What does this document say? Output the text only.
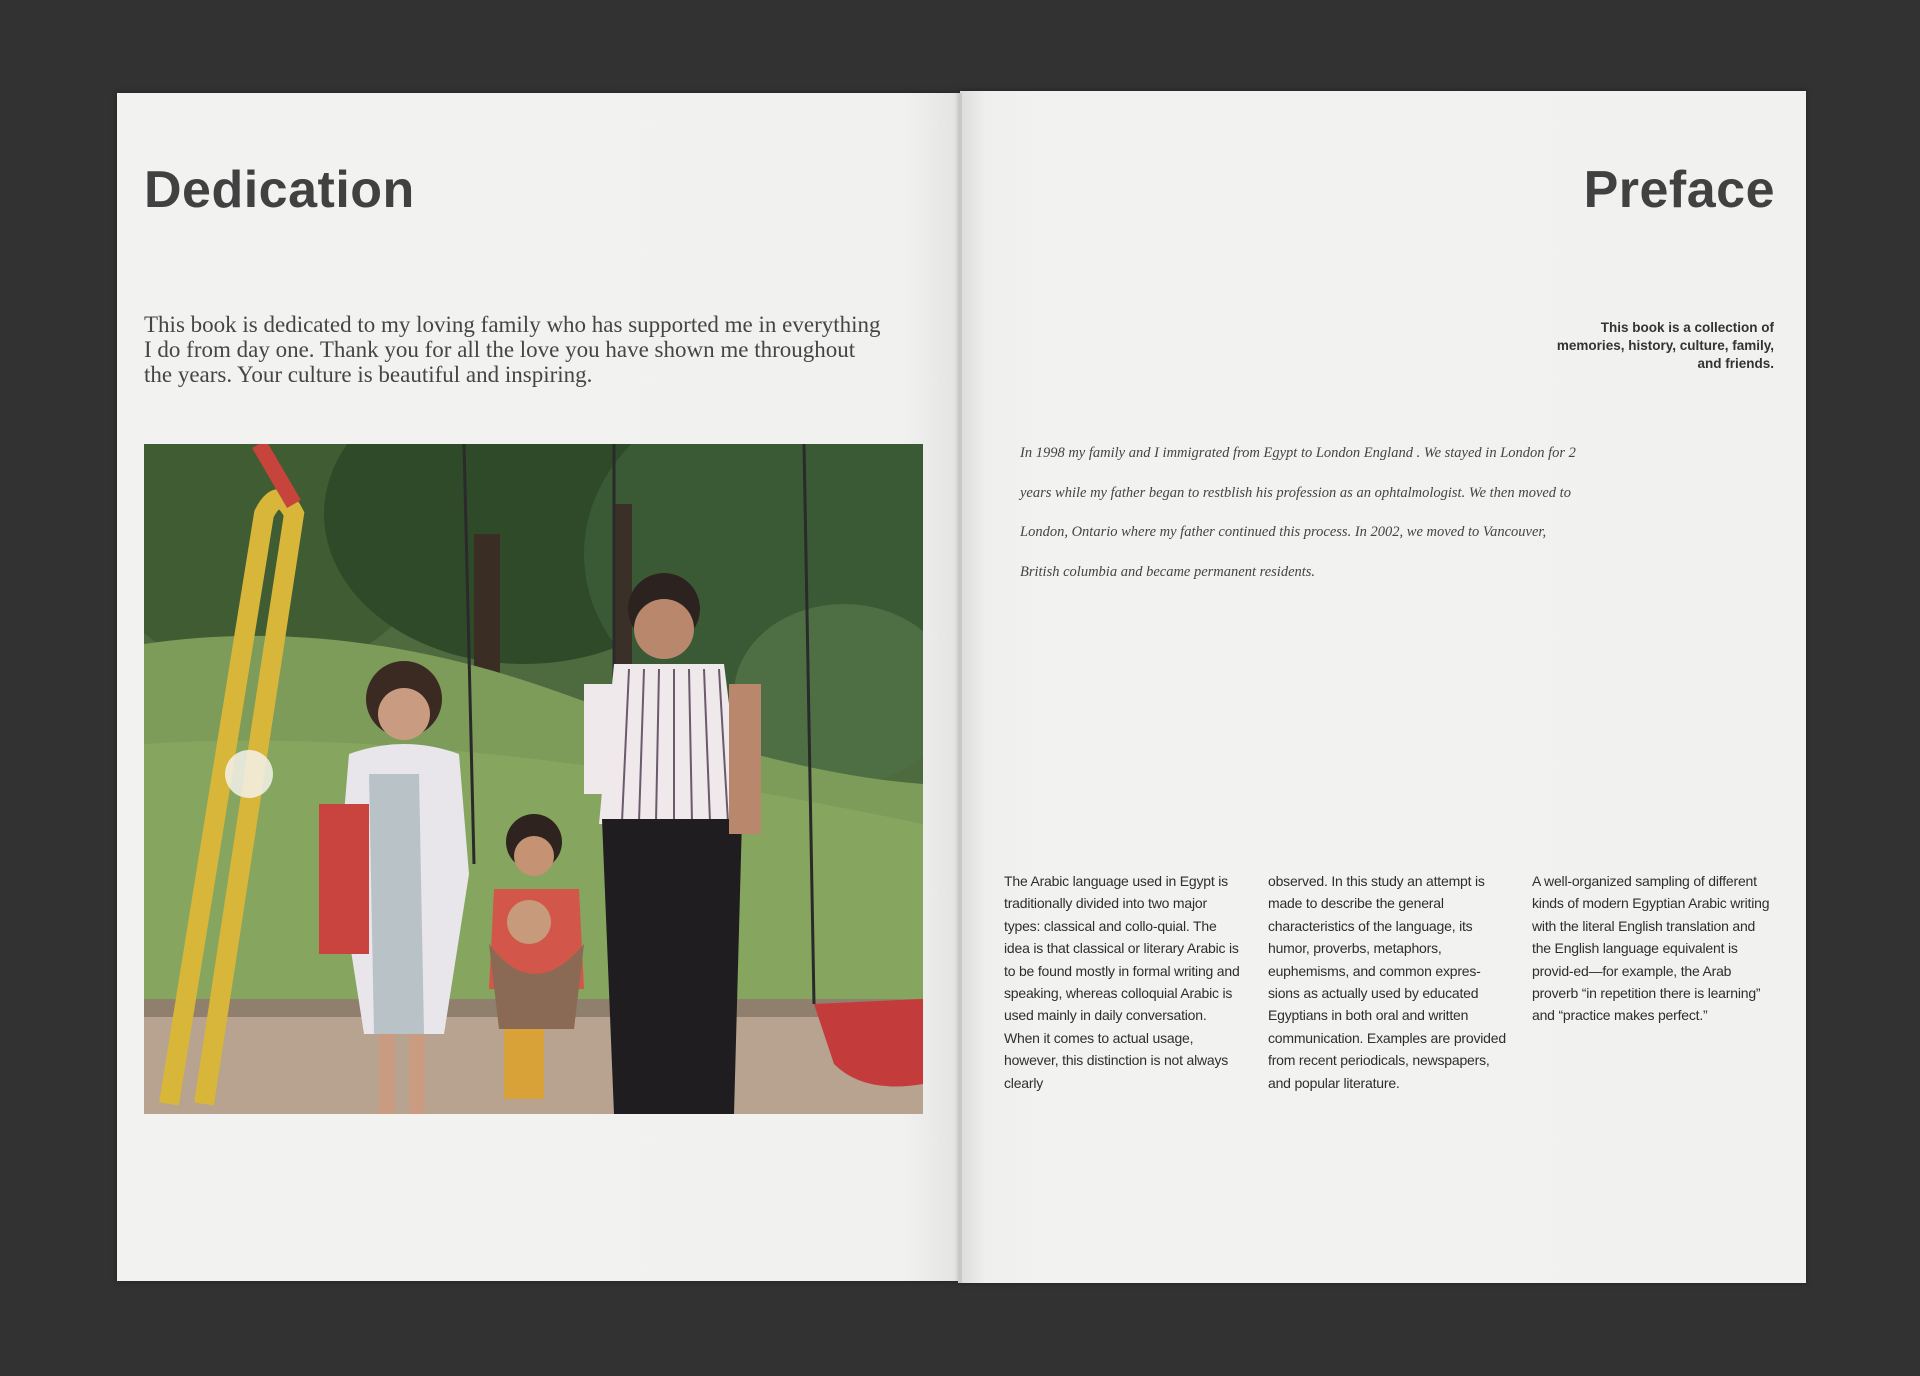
Dedication

This book is dedicated to my loving family who has supported me in everything I do from day one. Thank you for all the love you have shown me throughout the years. Your culture is beautiful and inspiring.

Preface

This book is a collection of memories, history, culture, family, and friends.

In 1998 my family and I immigrated from Egypt to London England . We stayed in London for 2 years while my father began to restblish his profession as an ophtalmologist. We then moved to London, Ontario where my father continued this process. In 2002, we moved to Vancouver, British columbia and became permanent residents.

The Arabic language used in Egypt is traditionally divided into two major types: classical and collo-quial. The idea is that classical or literary Arabic is to be found mostly in formal writing and speaking, whereas colloquial Arabic is used mainly in daily conversation. When it comes to actual usage, however, this distinction is not always clearly

observed. In this study an attempt is made to describe the general characteristics of the language, its humor, proverbs, metaphors, euphemisms, and common expres-sions as actually used by educated Egyptians in both oral and written communication. Examples are provided from recent periodicals, newspapers, and popular literature.

A well-organized sampling of different kinds of modern Egyptian Arabic writing with the literal English translation and the English language equivalent is provid-ed—for example, the Arab proverb “in repetition there is learning” and “practice makes perfect.”
